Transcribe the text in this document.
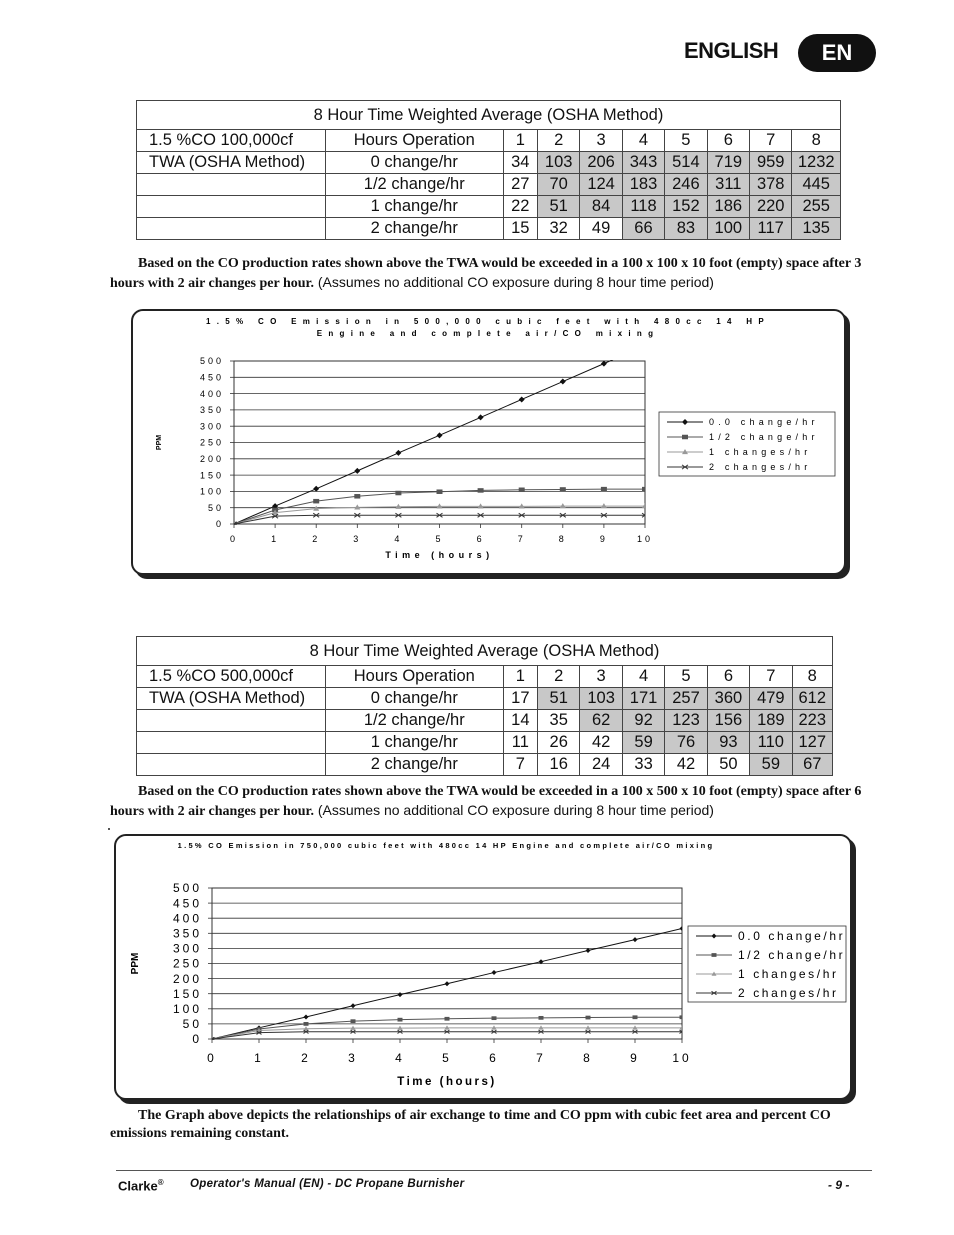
ENGLISH	EN
8 Hour Time Weighted Average (OSHA Method)									
1.5 %CO 100,000cf	Hours Operation	1	2	3	4	5	6	7	8
TWA (OSHA Method)	0 change/hr	34	103	206	343	514	719	959	1232
	1/2 change/hr	27	70	124	183	246	311	378	445
	1 change/hr	22	51	84	118	152	186	220	255
	2 change/hr	15	32	49	66	83	100	117	135

Based on the CO production rates shown above the TWA would be exceeded in a 100 x 100 x 10 foot (empty) space after 3 hours with 2 air changes per hour. (Assumes no additional CO exposure during 8 hour time period)

1.5% CO Emission in 500,000 cubic feet with 480cc 14 HP
Engine and complete air/CO mixing
0
50
100
150
200
250
300
350
400
450
500
0	1	2	3	4	5	6	7	8	9	10
Time (hours)
PPM
0.0 change/hr
1/2 change/hr
1 changes/hr
2 changes/hr
8 Hour Time Weighted Average (OSHA Method)									
1.5 %CO 500,000cf	Hours Operation	1	2	3	4	5	6	7	8
TWA (OSHA Method)	0 change/hr	17	51	103	171	257	360	479	612
	1/2 change/hr	14	35	62	92	123	156	189	223
	1 change/hr	11	26	42	59	76	93	110	127
	2 change/hr	7	16	24	33	42	50	59	67

Based on the CO production rates shown above the TWA would be exceeded in a 100 x 500 x 10 foot (empty) space after 6 hours with 2 air changes per hour. (Assumes no additional CO exposure during 8 hour time period)

1.5% CO Emission in 750,000 cubic feet with 480cc 14 HP Engine and complete air/CO mixing
0
50
100
150
200
250
300
350
400
450
500
0	1	2	3	4	5	6	7	8	9	10
Time (hours)
PPM
0.0 change/hr
1/2 change/hr
1 changes/hr
2 changes/hr

The Graph above depicts the relationships of air exchange to time and CO ppm with cubic feet area and percent CO emissions remaining constant.

Clarke® Operator's Manual (EN) - DC Propane Burnisher	- 9 -
